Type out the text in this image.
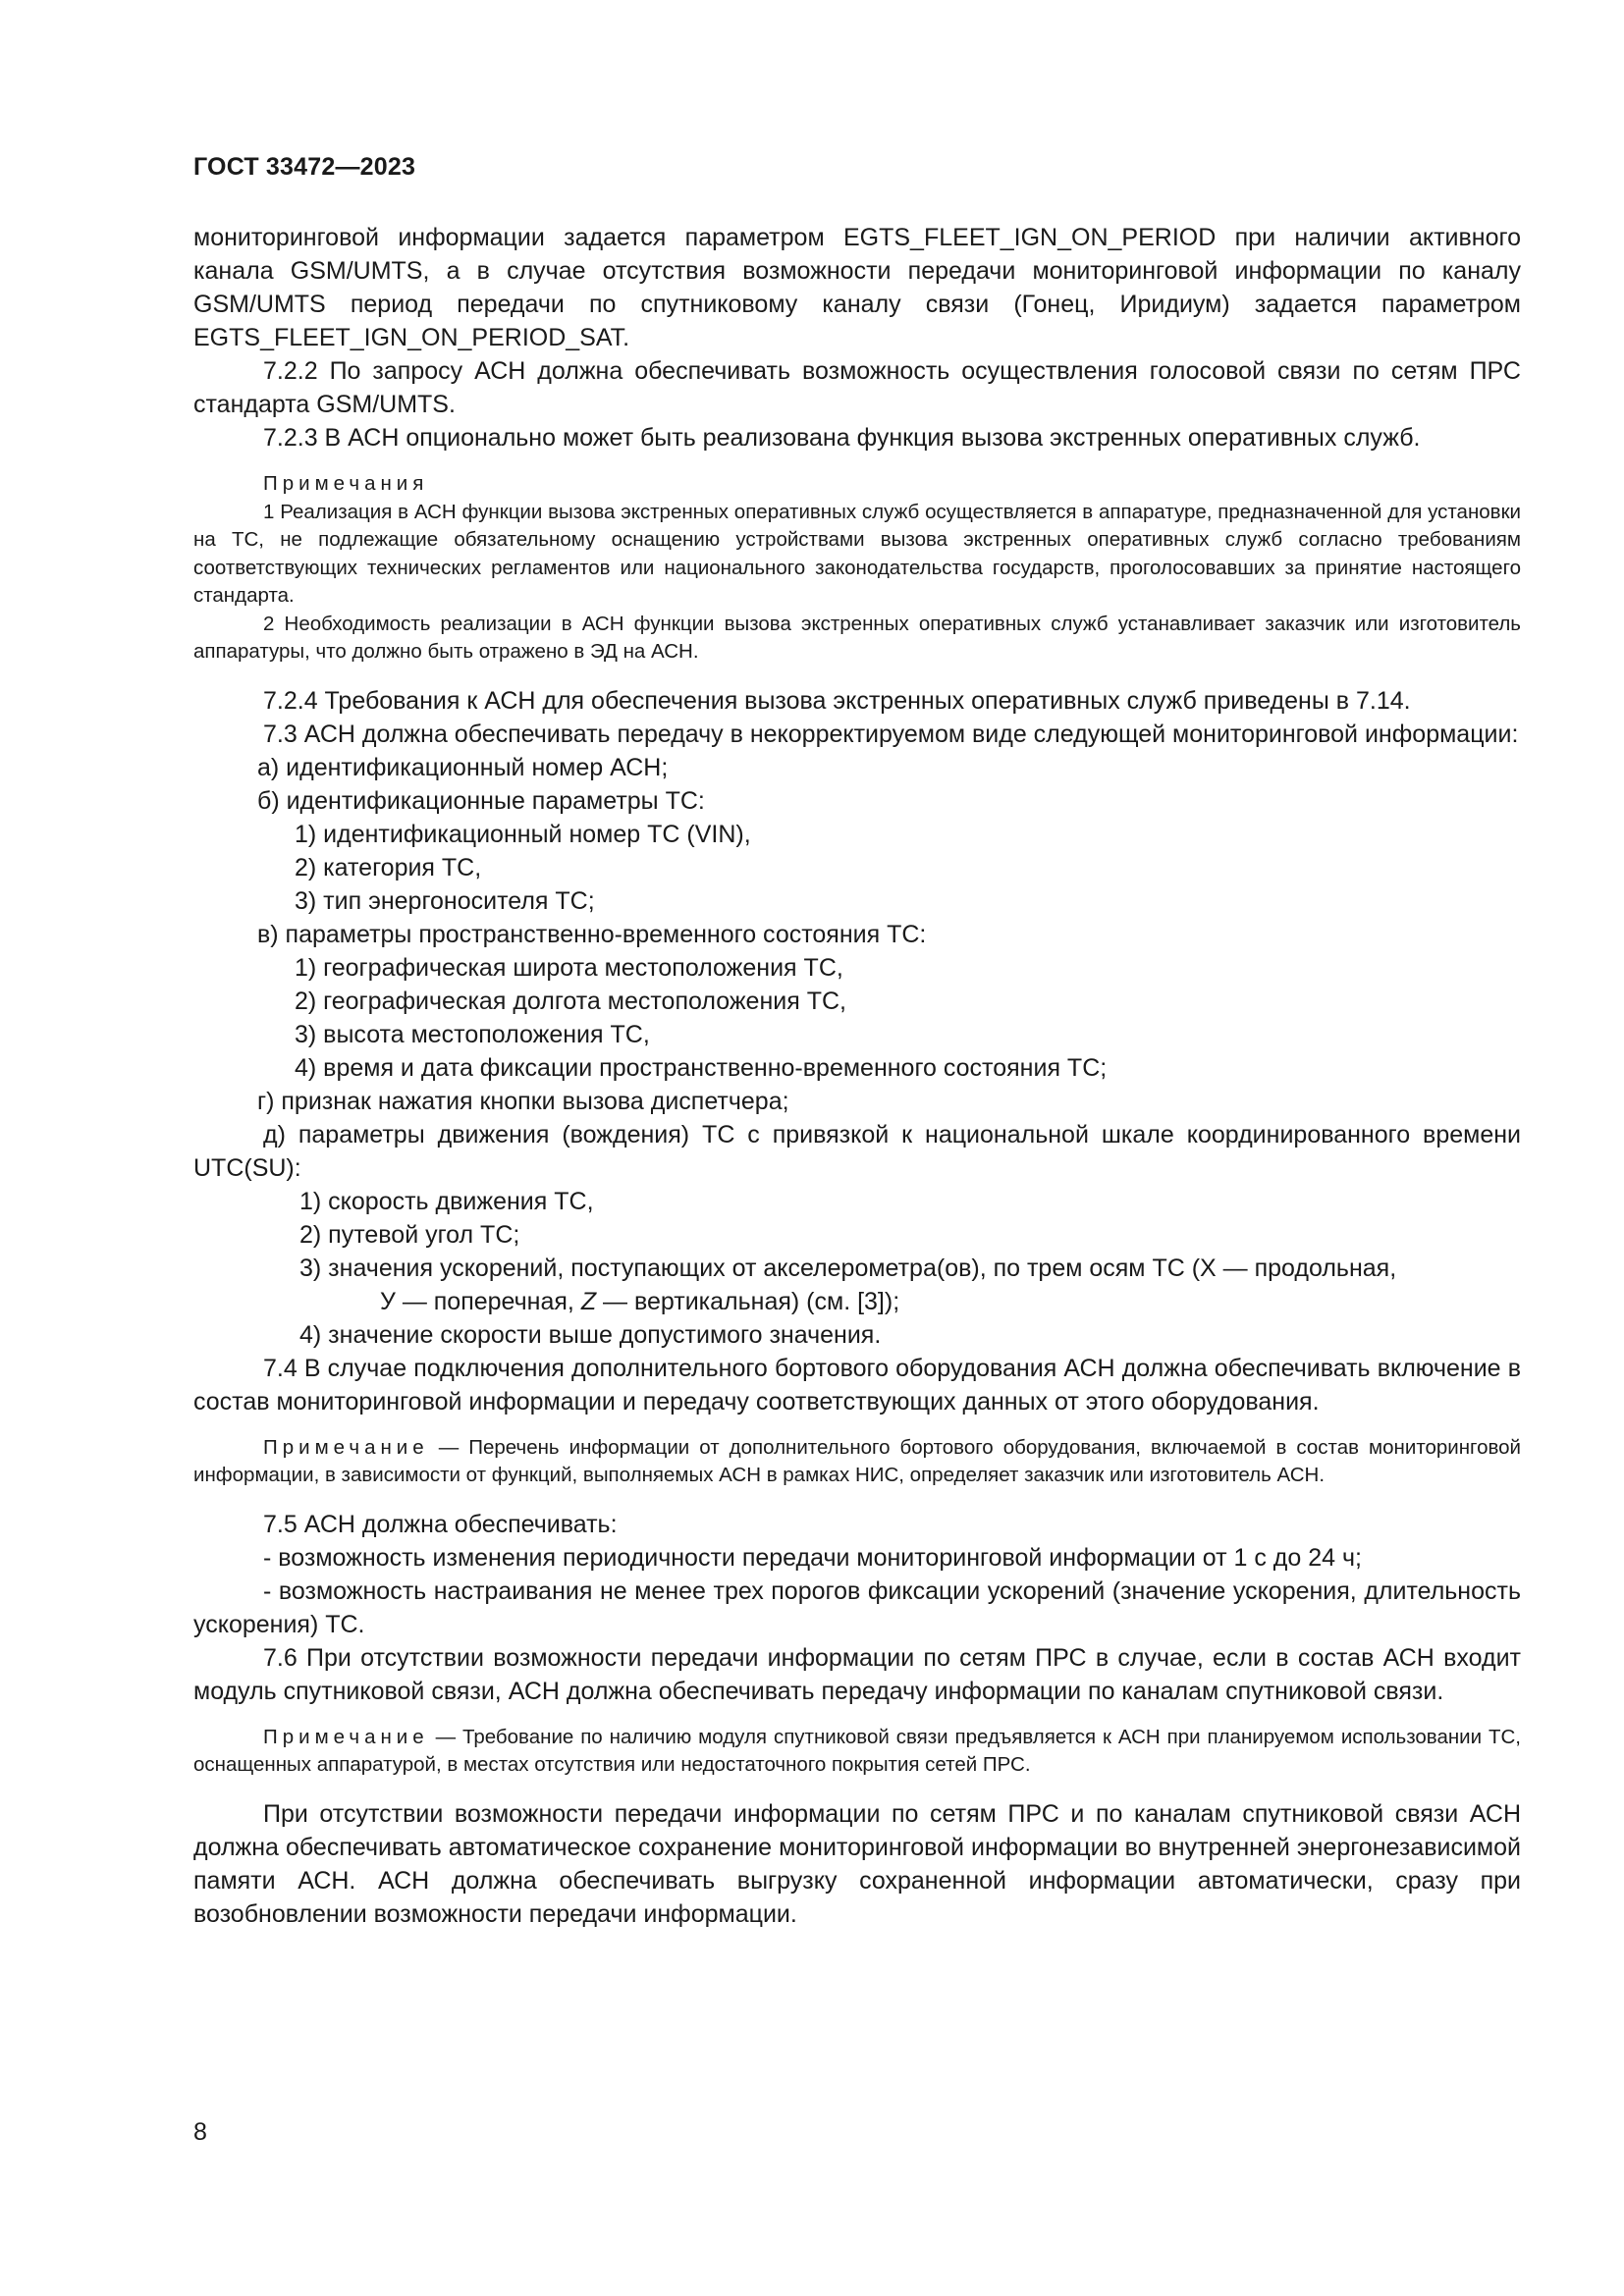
ГОСТ 33472—2023

мониторинговой информации задается параметром EGTS_FLEET_IGN_ON_PERIOD при наличии активного канала GSM/UMTS, а в случае отсутствия возможности передачи мониторинговой информации по каналу GSM/UMTS период передачи по спутниковому каналу связи (Гонец, Иридиум) задается параметром EGTS_FLEET_IGN_ON_PERIOD_SAT.

7.2.2 По запросу АСН должна обеспечивать возможность осуществления голосовой связи по сетям ПРС стандарта GSM/UMTS.

7.2.3 В АСН опционально может быть реализована функция вызова экстренных оперативных служб.

Примечания

1 Реализация в АСН функции вызова экстренных оперативных служб осуществляется в аппаратуре, предназначенной для установки на ТС, не подлежащие обязательному оснащению устройствами вызова экстренных оперативных служб согласно требованиям соответствующих технических регламентов или национального законодательства государств, проголосовавших за принятие настоящего стандарта.

2 Необходимость реализации в АСН функции вызова экстренных оперативных служб устанавливает заказчик или изготовитель аппаратуры, что должно быть отражено в ЭД на АСН.

7.2.4 Требования к АСН для обеспечения вызова экстренных оперативных служб приведены в 7.14.

7.3 АСН должна обеспечивать передачу в некорректируемом виде следующей мониторинговой информации:

а) идентификационный номер АСН;

б) идентификационные параметры ТС:

1) идентификационный номер ТС (VIN),

2) категория ТС,

3) тип энергоносителя ТС;

в) параметры пространственно-временного состояния ТС:

1) географическая широта местоположения ТС,

2) географическая долгота местоположения ТС,

3) высота местоположения ТС,

4) время и дата фиксации пространственно-временного состояния ТС;

г) признак нажатия кнопки вызова диспетчера;

д) параметры движения (вождения) ТС с привязкой к национальной шкале координированного времени UTC(SU):

1) скорость движения ТС,

2) путевой угол ТС;

3) значения ускорений, поступающих от акселерометра(ов), по трем осям ТС (X — продольная,

У — поперечная, Z — вертикальная) (см. [3]);

4) значение скорости выше допустимого значения.

7.4 В случае подключения дополнительного бортового оборудования АСН должна обеспечивать включение в состав мониторинговой информации и передачу соответствующих данных от этого оборудования.

Примечание — Перечень информации от дополнительного бортового оборудования, включаемой в состав мониторинговой информации, в зависимости от функций, выполняемых АСН в рамках НИС, определяет заказчик или изготовитель АСН.

7.5 АСН должна обеспечивать:

- возможность изменения периодичности передачи мониторинговой информации от 1 с до 24 ч;

- возможность настраивания не менее трех порогов фиксации ускорений (значение ускорения, длительность ускорения) ТС.

7.6 При отсутствии возможности передачи информации по сетям ПРС в случае, если в состав АСН входит модуль спутниковой связи, АСН должна обеспечивать передачу информации по каналам спутниковой связи.

Примечание — Требование по наличию модуля спутниковой связи предъявляется к АСН при планируемом использовании ТС, оснащенных аппаратурой, в местах отсутствия или недостаточного покрытия сетей ПРС.

При отсутствии возможности передачи информации по сетям ПРС и по каналам спутниковой связи АСН должна обеспечивать автоматическое сохранение мониторинговой информации во внутренней энергонезависимой памяти АСН. АСН должна обеспечивать выгрузку сохраненной информации автоматически, сразу при возобновлении возможности передачи информации.

8
